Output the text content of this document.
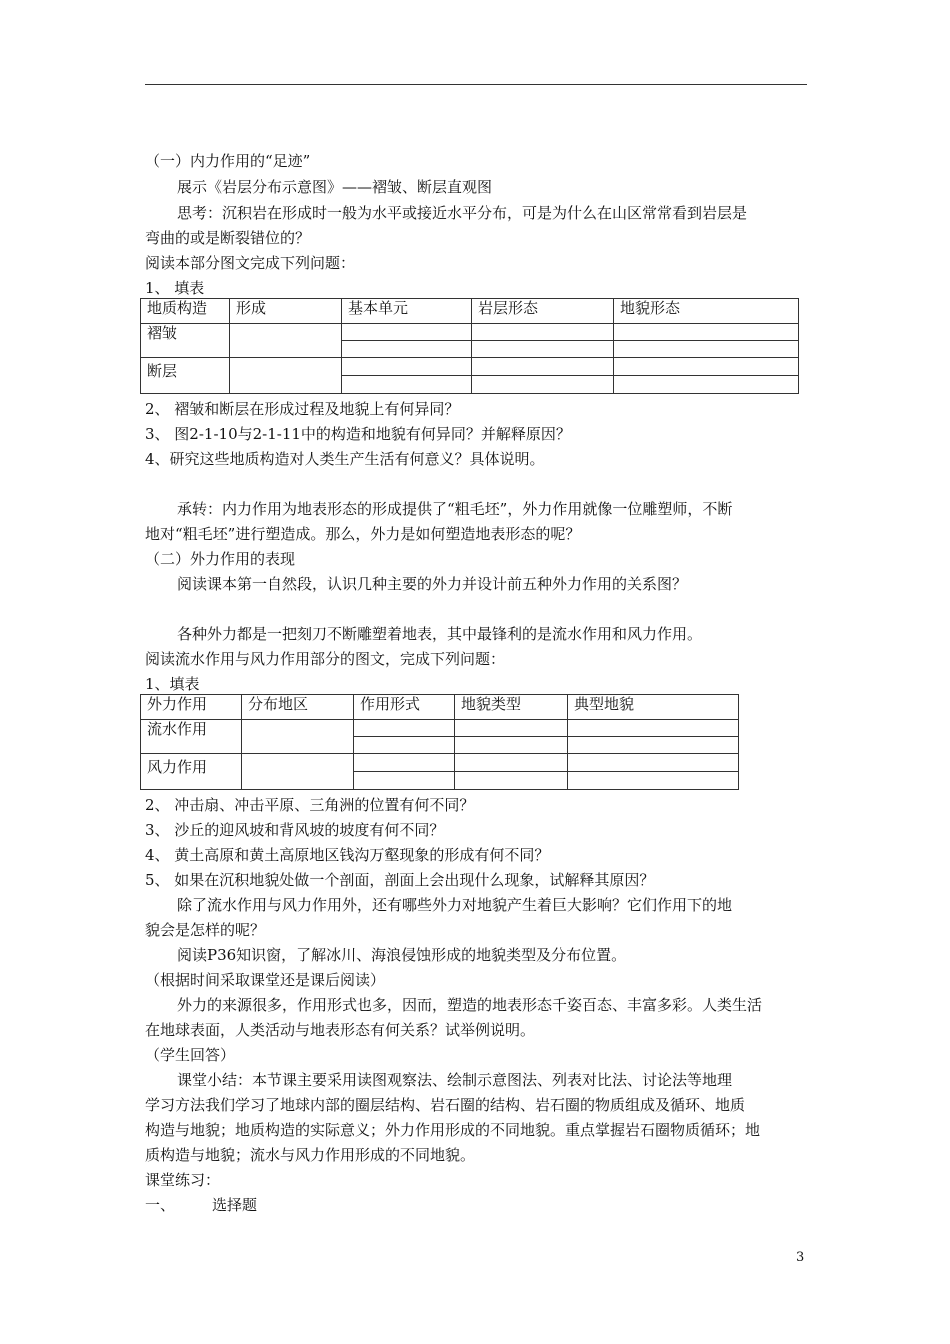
（一）内力作用的“足迹”
展示《岩层分布示意图》——褶皱、断层直观图
思考：沉积岩在形成时一般为水平或接近水平分布，可是为什么在山区常常看到岩层是
弯曲的或是断裂错位的？
阅读本部分图文完成下列问题：
1、 填表
地质构造	形成	基本单元	岩层形态	地貌形态
褶皱				

断层				

2、 褶皱和断层在形成过程及地貌上有何异同？
3、 图2-1-10与2-1-11中的构造和地貌有何异同？并解释原因？
4、研究这些地质构造对人类生产生活有何意义？具体说明。
承转：内力作用为地表形态的形成提供了“粗毛坯”，外力作用就像一位雕塑师，不断
地对“粗毛坯”进行塑造成。那么，外力是如何塑造地表形态的呢？
（二）外力作用的表现
阅读课本第一自然段，认识几种主要的外力并设计前五种外力作用的关系图？
各种外力都是一把刻刀不断雕塑着地表，其中最锋利的是流水作用和风力作用。
阅读流水作用与风力作用部分的图文，完成下列问题：
1、填表
外力作用	分布地区	作用形式	地貌类型	典型地貌
流水作用				

风力作用				

2、 冲击扇、冲击平原、三角洲的位置有何不同？
3、 沙丘的迎风坡和背风坡的坡度有何不同？
4、 黄土高原和黄土高原地区钱沟万壑现象的形成有何不同？
5、 如果在沉积地貌处做一个剖面，剖面上会出现什么现象，试解释其原因？
除了流水作用与风力作用外，还有哪些外力对地貌产生着巨大影响？它们作用下的地
貌会是怎样的呢？
阅读P36知识窗，了解冰川、海浪侵蚀形成的地貌类型及分布位置。
（根据时间采取课堂还是课后阅读）
外力的来源很多，作用形式也多，因而，塑造的地表形态千姿百态、丰富多彩。人类生活
在地球表面，人类活动与地表形态有何关系？试举例说明。
（学生回答）
课堂小结：本节课主要采用读图观察法、绘制示意图法、列表对比法、讨论法等地理
学习方法我们学习了地球内部的圈层结构、岩石圈的结构、岩石圈的物质组成及循环、地质
构造与地貌；地质构造的实际意义；外力作用形成的不同地貌。重点掌握岩石圈物质循环；地
质构造与地貌；流水与风力作用形成的不同地貌。
课堂练习：
一、 选择题
3
